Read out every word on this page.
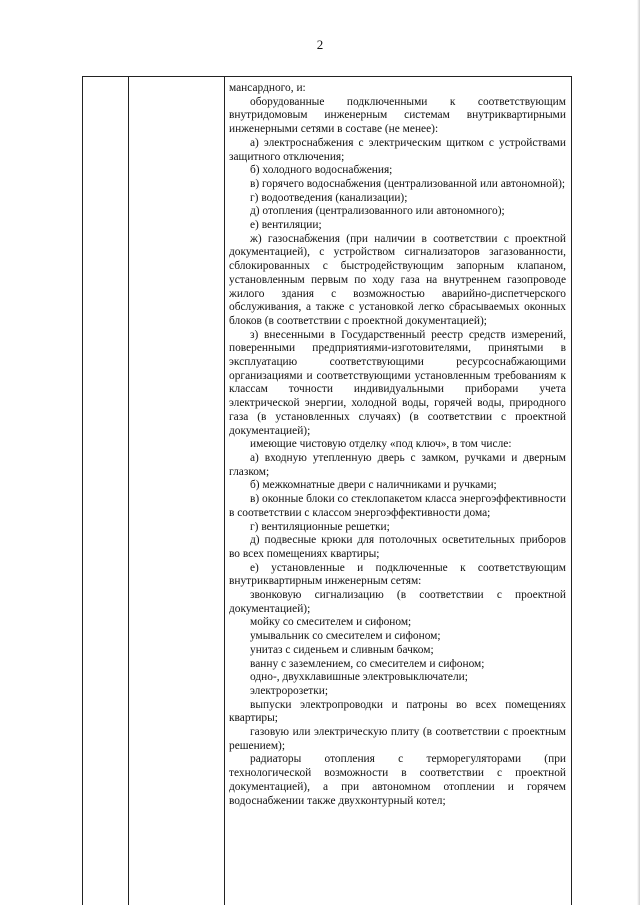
2

мансардного, и:

оборудованные подключенными к соответствующим внутридомовым инженерным системам внутриквартирными инженерными сетями в составе (не менее):

а) электроснабжения с электрическим щитком с устройствами защитного отключения;

б) холодного водоснабжения;

в) горячего водоснабжения (централизованной или автономной);

г) водоотведения (канализации);

д) отопления (централизованного или автономного);

е) вентиляции;

ж) газоснабжения (при наличии в соответствии с проектной документацией), с устройством сигнализаторов загазованности, сблокированных с быстродействующим запорным клапаном, установленным первым по ходу газа на внутреннем газопроводе жилого здания с возможностью аварийно-диспетчерского обслуживания, а также с установкой легко сбрасываемых оконных блоков (в соответствии с проектной документацией);

з) внесенными в Государственный реестр средств измерений, поверенными предприятиями-изготовителями, принятыми в эксплуатацию соответствующими ресурсоснабжающими организациями и соответствующими установленным требованиям к классам точности индивидуальными приборами учета электрической энергии, холодной воды, горячей воды, природного газа (в установленных случаях) (в соответствии с проектной документацией);

имеющие чистовую отделку «под ключ», в том числе:

а) входную утепленную дверь с замком, ручками и дверным глазком;

б) межкомнатные двери с наличниками и ручками;

в) оконные блоки со стеклопакетом класса энергоэффективности в соответствии с классом энергоэффективности дома;

г) вентиляционные решетки;

д) подвесные крюки для потолочных осветительных приборов во всех помещениях квартиры;

е) установленные и подключенные к соответствующим внутриквартирным инженерным сетям:

звонковую сигнализацию (в соответствии с проектной документацией);

мойку со смесителем и сифоном;

умывальник со смесителем и сифоном;

унитаз с сиденьем и сливным бачком;

ванну с заземлением, со смесителем и сифоном;

одно-, двухклавишные электровыключатели;

электророзетки;

выпуски электропроводки и патроны во всех помещениях квартиры;

газовую или электрическую плиту (в соответствии с проектным решением);

радиаторы отопления с терморегуляторами (при технологической возможности в соответствии с проектной документацией), а при автономном отоплении и горячем водоснабжении также двухконтурный котел;
